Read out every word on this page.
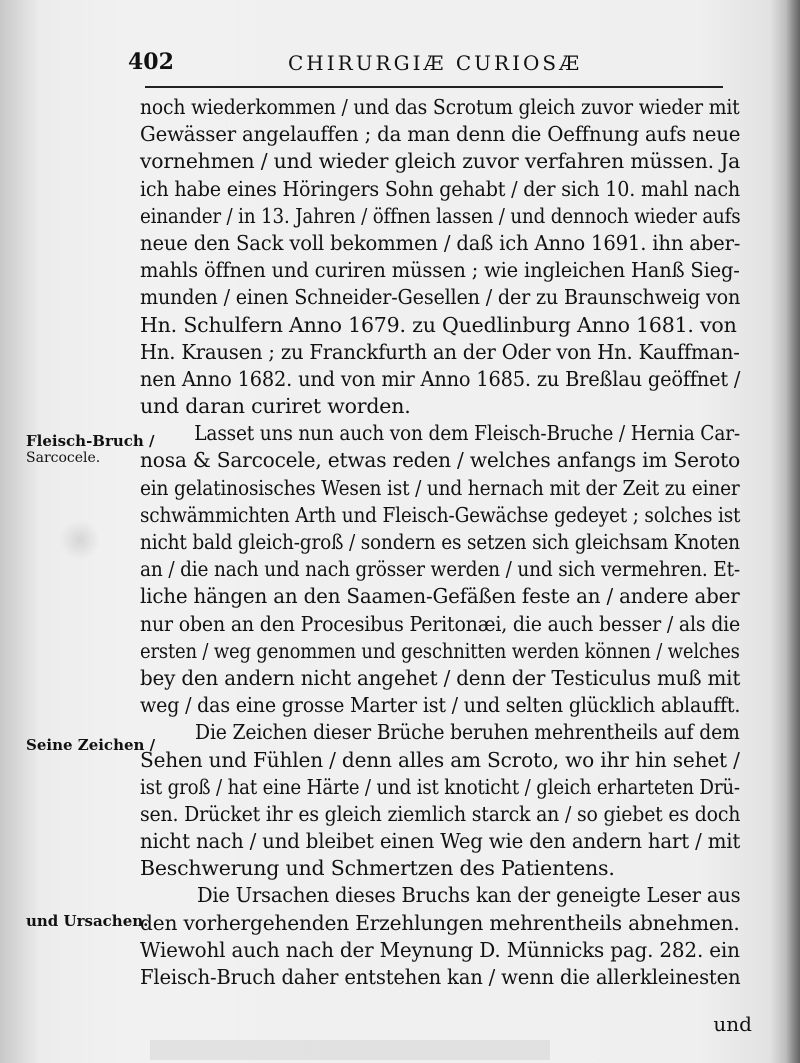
402	CHIRURGIÆ CURIOSÆ
Fleisch-Bruch /
Sarcocele.
Seine Zeichen /
und Ursachen.
noch wiederkommen / und das Scrotum gleich zuvor wieder mit
Gewässer angelauffen ; da man denn die Oeffnung aufs neue
vornehmen / und wieder gleich zuvor verfahren müssen. Ja
ich habe eines Höringers Sohn gehabt / der sich 10. mahl nach
einander / in 13. Jahren / öffnen lassen / und dennoch wieder aufs
neue den Sack voll bekommen / daß ich Anno 1691. ihn aber-
mahls öffnen und curiren müssen ; wie ingleichen Hanß Sieg-
munden / einen Schneider-Gesellen / der zu Braunschweig von
Hn. Schulfern Anno 1679. zu Quedlinburg Anno 1681. von
Hn. Krausen ; zu Franckfurth an der Oder von Hn. Kauffman-
nen Anno 1682. und von mir Anno 1685. zu Breßlau geöffnet /
und daran curiret worden.
Lasset uns nun auch von dem Fleisch-Bruche / Hernia Car-
nosa & Sarcocele, etwas reden / welches anfangs im Seroto
ein gelatinosisches Wesen ist / und hernach mit der Zeit zu einer
schwämmichten Arth und Fleisch-Gewächse gedeyet ; solches ist
nicht bald gleich-groß / sondern es setzen sich gleichsam Knoten
an / die nach und nach grösser werden / und sich vermehren. Et-
liche hängen an den Saamen-Gefäßen feste an / andere aber
nur oben an den Procesibus Peritonæi, die auch besser / als die
ersten / weg genommen und geschnitten werden können / welches
bey den andern nicht angehet / denn der Testiculus muß mit
weg / das eine grosse Marter ist / und selten glücklich ablaufft.
Die Zeichen dieser Brüche beruhen mehrentheils auf dem
Sehen und Fühlen / denn alles am Scroto, wo ihr hin sehet /
ist groß / hat eine Härte / und ist knoticht / gleich erharteten Drü-
sen. Drücket ihr es gleich ziemlich starck an / so giebet es doch
nicht nach / und bleibet einen Weg wie den andern hart / mit
Beschwerung und Schmertzen des Patientens.
Die Ursachen dieses Bruchs kan der geneigte Leser aus
den vorhergehenden Erzehlungen mehrentheils abnehmen.
Wiewohl auch nach der Meynung D. Münnicks pag. 282. ein
Fleisch-Bruch daher entstehen kan / wenn die allerkleinesten
und
